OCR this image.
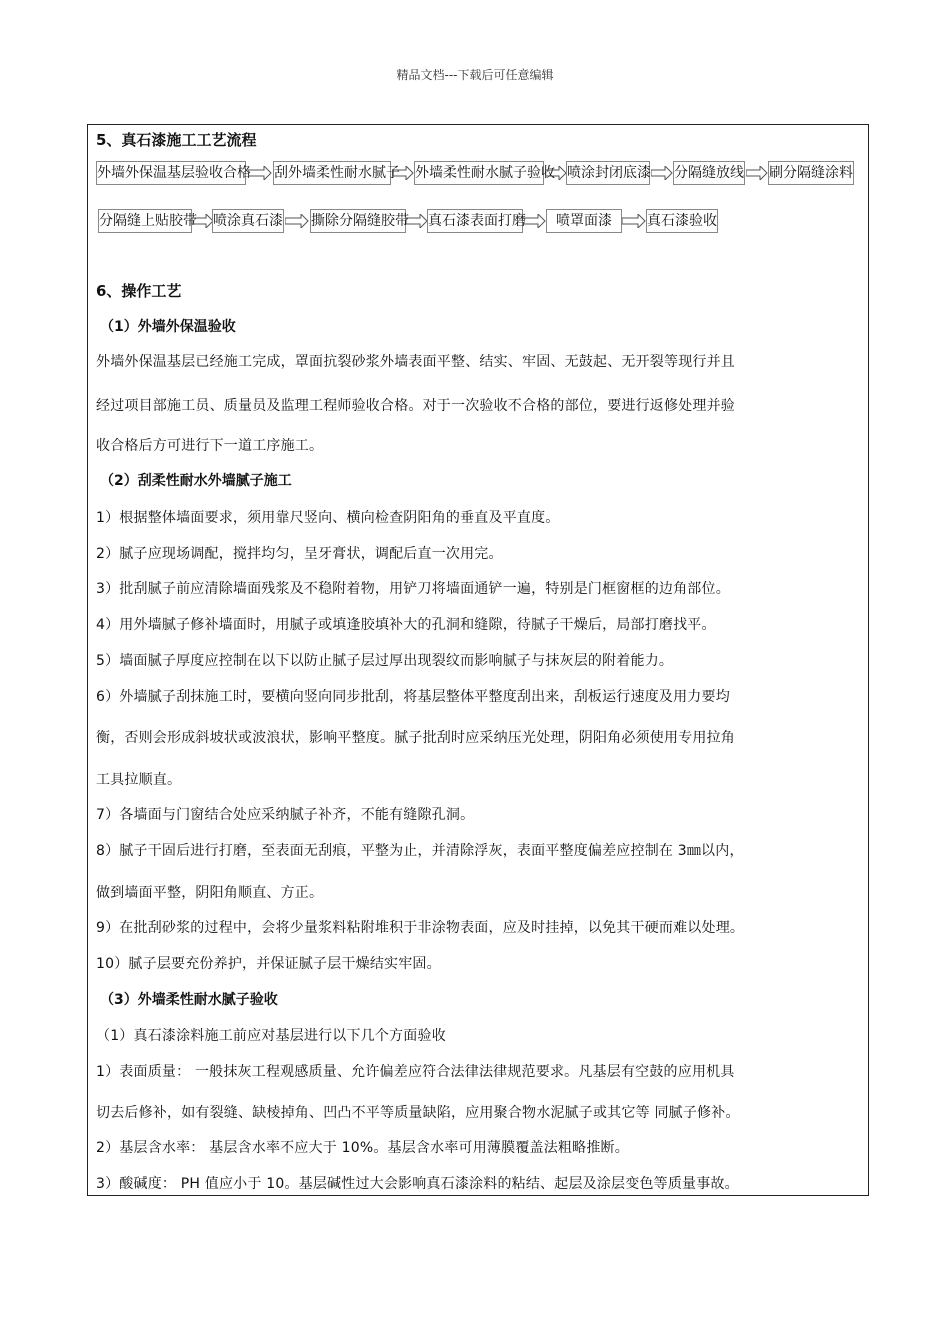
精品文档---下载后可任意编辑
5、真石漆施工工艺流程
外墙外保温基层验收合格 刮外墙柔性耐水腻子 外墙柔性耐水腻子验收 喷涂封闭底漆 分隔缝放线 刷分隔缝涂料
分隔缝上贴胶带 喷涂真石漆 撕除分隔缝胶带 真石漆表面打磨	喷罩面漆	真石漆验收
6、操作工艺
（1）外墙外保温验收
外墙外保温基层已经施工完成，罩面抗裂砂浆外墙表面平整、结实、牢固、无鼓起、无开裂等现行并且
经过项目部施工员、质量员及监理工程师验收合格。对于一次验收不合格的部位，要进行返修处理并验
收合格后方可进行下一道工序施工。
（2）刮柔性耐水外墙腻子施工
1）根据整体墙面要求，须用靠尺竖向、横向检查阴阳角的垂直及平直度。
2）腻子应现场调配，搅拌均匀，呈牙膏状，调配后直一次用完。
3）批刮腻子前应清除墙面残浆及不稳附着物，用铲刀将墙面通铲一遍，特别是门框窗框的边角部位。
4）用外墙腻子修补墙面时，用腻子或填逢胶填补大的孔洞和缝隙，待腻子干燥后，局部打磨找平。
5）墙面腻子厚度应控制在以下以防止腻子层过厚出现裂纹而影响腻子与抹灰层的附着能力。
6）外墙腻子刮抹施工时，要横向竖向同步批刮，将基层整体平整度刮出来，刮板运行速度及用力要均
衡，否则会形成斜坡状或波浪状，影响平整度。腻子批刮时应采纳压光处理，阴阳角必须使用专用拉角
工具拉顺直。
7）各墙面与门窗结合处应采纳腻子补齐，不能有缝隙孔洞。
8）腻子干固后进行打磨，至表面无刮痕，平整为止，并清除浮灰，表面平整度偏差应控制在 3㎜以内，
做到墙面平整，阴阳角顺直、方正。
9）在批刮砂浆的过程中，会将少量浆料粘附堆积于非涂物表面，应及时挂掉，以免其干硬而难以处理。
10）腻子层要充份养护，并保证腻子层干燥结实牢固。
（3）外墙柔性耐水腻子验收
（1）真石漆涂料施工前应对基层进行以下几个方面验收
1）表面质量： 一般抹灰工程观感质量、允许偏差应符合法律法律规范要求。凡基层有空鼓的应用机具
切去后修补，如有裂缝、缺棱掉角、凹凸不平等质量缺陷，应用聚合物水泥腻子或其它等 同腻子修补。
2）基层含水率： 基层含水率不应大于 10%。基层含水率可用薄膜覆盖法粗略推断。
3）酸碱度： PH 值应小于 10。基层碱性过大会影响真石漆涂料的粘结、起层及涂层变色等质量事故。
